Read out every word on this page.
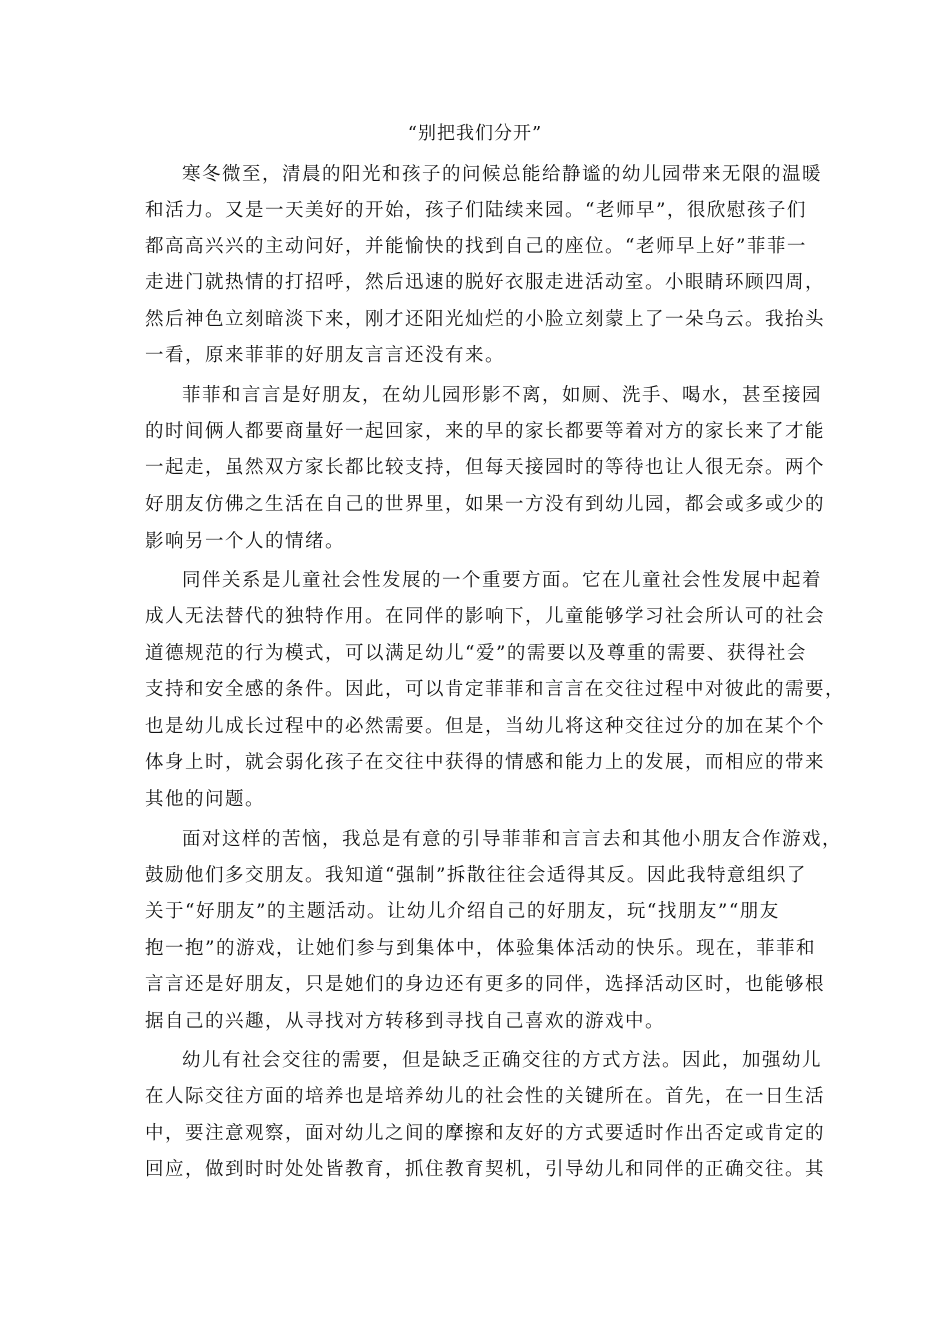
“别把我们分开”
寒冬微至，清晨的阳光和孩子的问候总能给静谧的幼儿园带来无限的温暖
和活力。又是一天美好的开始，孩子们陆续来园。“老师早”，很欣慰孩子们
都高高兴兴的主动问好，并能愉快的找到自己的座位。“老师早上好”菲菲一
走进门就热情的打招呼，然后迅速的脱好衣服走进活动室。小眼睛环顾四周，
然后神色立刻暗淡下来，刚才还阳光灿烂的小脸立刻蒙上了一朵乌云。我抬头
一看，原来菲菲的好朋友言言还没有来。
菲菲和言言是好朋友，在幼儿园形影不离，如厕、洗手、喝水，甚至接园
的时间俩人都要商量好一起回家，来的早的家长都要等着对方的家长来了才能
一起走，虽然双方家长都比较支持，但每天接园时的等待也让人很无奈。两个
好朋友仿佛之生活在自己的世界里，如果一方没有到幼儿园，都会或多或少的
影响另一个人的情绪。
同伴关系是儿童社会性发展的一个重要方面。它在儿童社会性发展中起着
成人无法替代的独特作用。在同伴的影响下，儿童能够学习社会所认可的社会
道德规范的行为模式，可以满足幼儿“爱”的需要以及尊重的需要、获得社会
支持和安全感的条件。因此，可以肯定菲菲和言言在交往过程中对彼此的需要，
也是幼儿成长过程中的必然需要。但是，当幼儿将这种交往过分的加在某个个
体身上时，就会弱化孩子在交往中获得的情感和能力上的发展，而相应的带来
其他的问题。
面对这样的苦恼，我总是有意的引导菲菲和言言去和其他小朋友合作游戏，
鼓励他们多交朋友。我知道“强制”拆散往往会适得其反。因此我特意组织了
关于“好朋友”的主题活动。让幼儿介绍自己的好朋友，玩“找朋友”“朋友
抱一抱”的游戏，让她们参与到集体中，体验集体活动的快乐。现在，菲菲和
言言还是好朋友，只是她们的身边还有更多的同伴，选择活动区时，也能够根
据自己的兴趣，从寻找对方转移到寻找自己喜欢的游戏中。
幼儿有社会交往的需要，但是缺乏正确交往的方式方法。因此，加强幼儿
在人际交往方面的培养也是培养幼儿的社会性的关键所在。首先，在一日生活
中，要注意观察，面对幼儿之间的摩擦和友好的方式要适时作出否定或肯定的
回应，做到时时处处皆教育，抓住教育契机，引导幼儿和同伴的正确交往。其
